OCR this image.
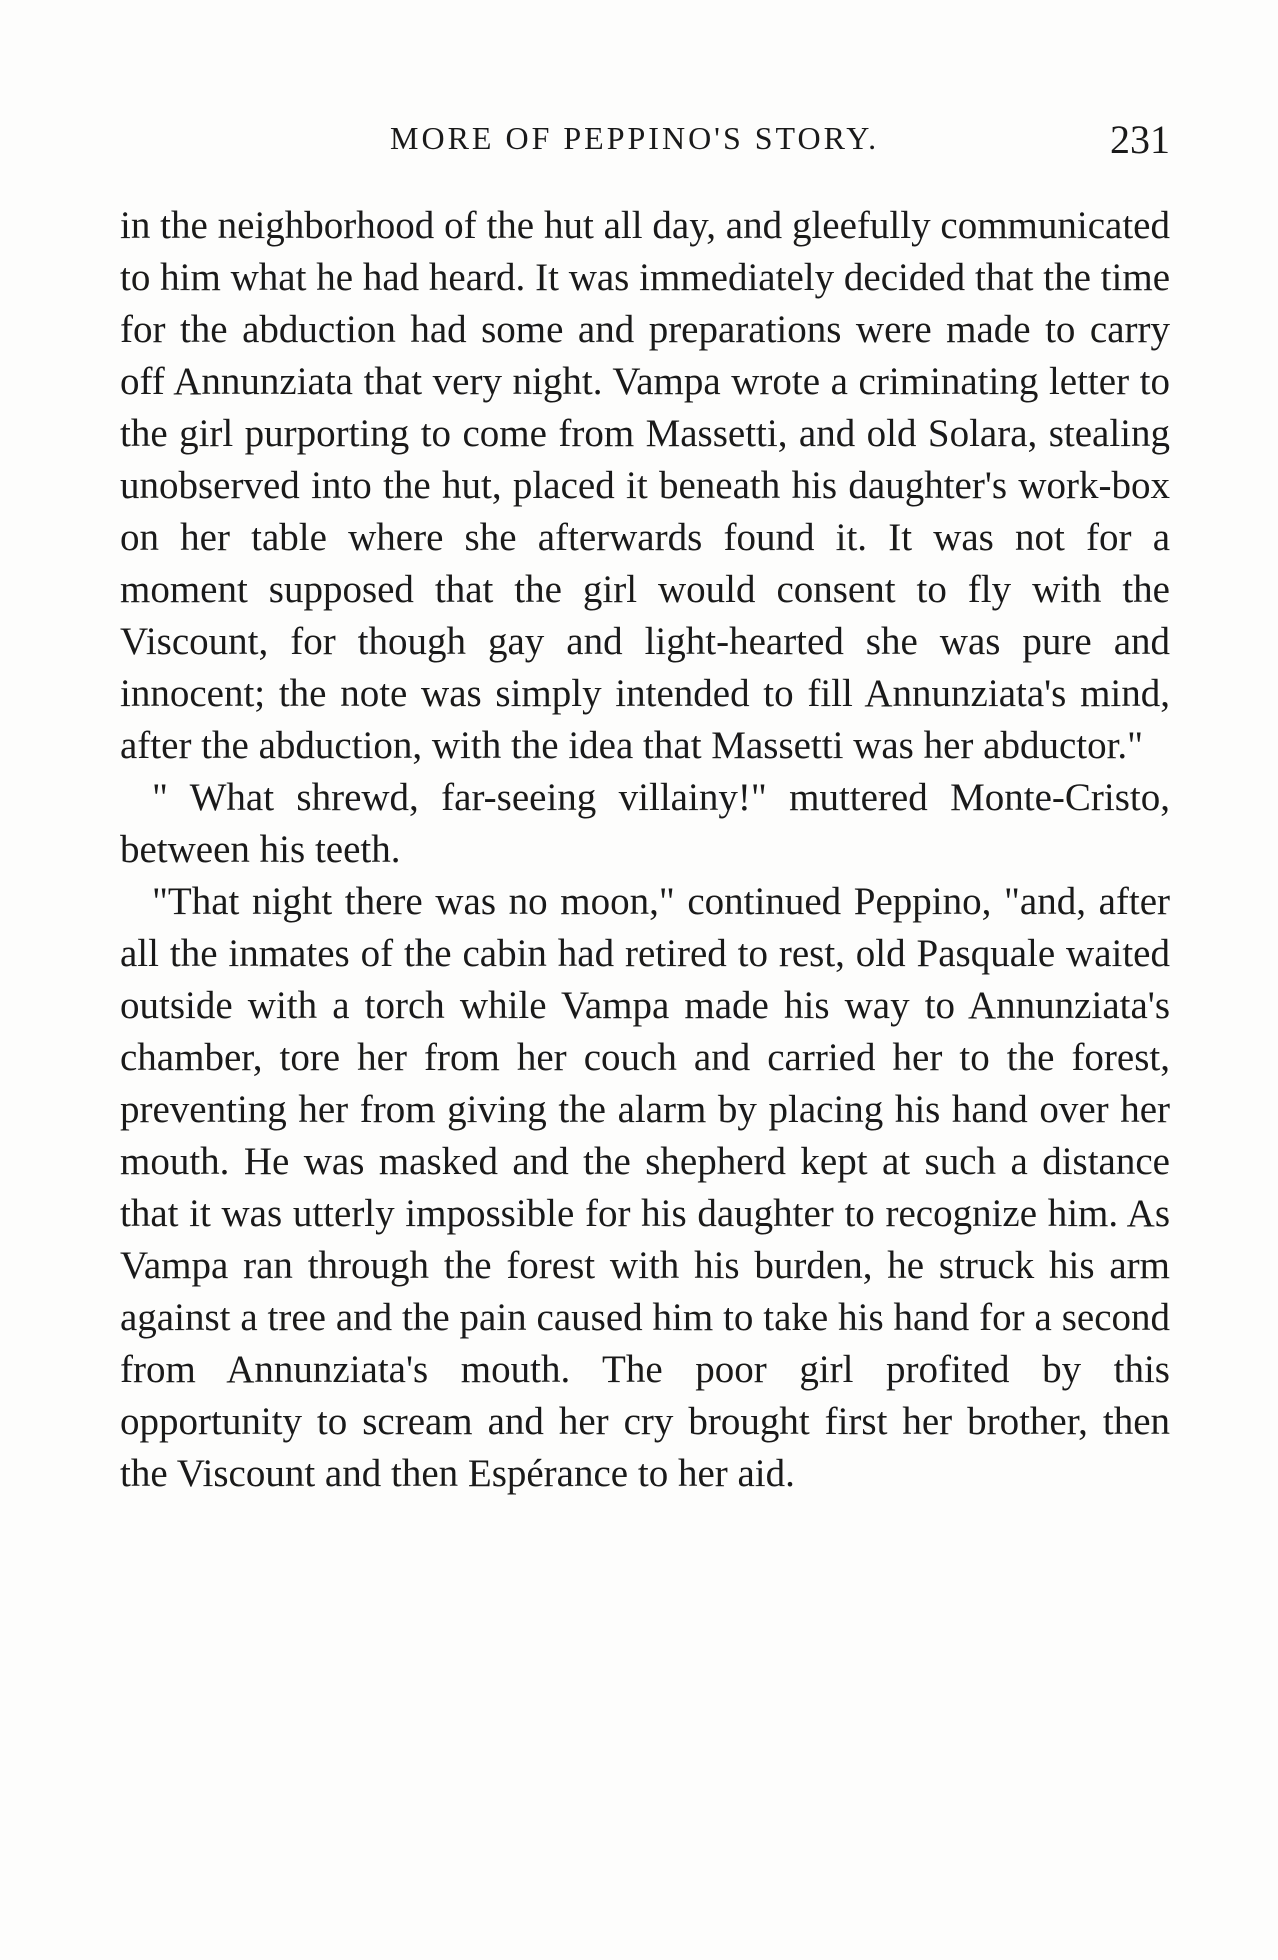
MORE OF PEPPINO'S STORY.	231

in the neighborhood of the hut all day, and gleefully communicated to him what he had heard. It was immediately decided that the time for the abduction had some and preparations were made to carry off Annunziata that very night. Vampa wrote a criminating letter to the girl purporting to come from Massetti, and old Solara, stealing unobserved into the hut, placed it beneath his daughter's work-box on her table where she afterwards found it. It was not for a moment supposed that the girl would consent to fly with the Viscount, for though gay and light-hearted she was pure and innocent; the note was simply intended to fill Annunziata's mind, after the abduction, with the idea that Massetti was her abductor."

" What shrewd, far-seeing villainy!" muttered Monte-Cristo, between his teeth.

"That night there was no moon," continued Peppino, "and, after all the inmates of the cabin had retired to rest, old Pasquale waited outside with a torch while Vampa made his way to Annunziata's chamber, tore her from her couch and carried her to the forest, preventing her from giving the alarm by placing his hand over her mouth. He was masked and the shepherd kept at such a distance that it was utterly impossible for his daughter to recognize him. As Vampa ran through the forest with his burden, he struck his arm against a tree and the pain caused him to take his hand for a second from Annunziata's mouth. The poor girl profited by this opportunity to scream and her cry brought first her brother, then the Viscount and then Espérance to her aid.
